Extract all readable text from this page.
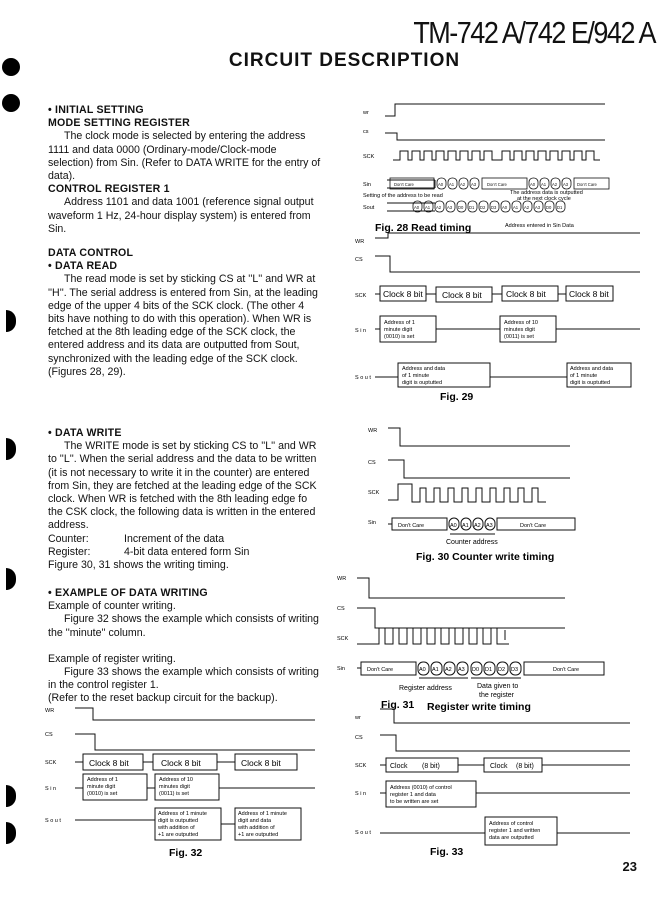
TM-742 A/742 E/942 A
CIRCUIT DESCRIPTION

• INITIAL SETTING

MODE SETTING REGISTER

The clock mode is selected by entering the address 1111 and data 0000 (Ordinary-mode/Clock-mode selection) from Sin. (Refer to DATA WRITE for the entry of data).

CONTROL REGISTER 1

Address 1101 and data 1001 (reference signal output waveform 1 Hz, 24-hour display system) is entered from Sin.

DATA CONTROL

• DATA READ

The read mode is set by sticking CS at ''L'' and WR at ''H''. The serial address is entered from Sin, at the leading edge of the upper 4 bits of the SCK clock. (The other 4 bits have nothing to do with this operation). When WR is fetched at the 8th leading edge of the SCK clock, the entered address and its data are outputted from Sout, synchronized with the leading edge of the SCK clock. (Figures 28, 29).

• DATA WRITE

The WRITE mode is set by sticking CS to ''L'' and WR to ''L''. When the serial address and the data to be written (it is not necessary to write it in the counter) are entered from Sin, they are fetched at the leading edge of the SCK clock. When WR is fetched with the 8th leading edge fo the CSK clock, the following data is written in the entered address.

Counter:	Increment of the data
Register:	4-bit data entered form Sin

Figure 30, 31 shows the writing timing.

• EXAMPLE OF DATA WRITING

Example of counter writing.

Figure 32 shows the example which consists of writing the ''minute'' column.

Example of register writing.

Figure 33 shows the example which consists of writing in the control register 1.

(Refer to the reset backup circuit for the backup).

wr
cs
SCK
Sin
Sout
Don't Care	A0 A1 A2 A3	Don't Care	A0 A1 A2 A3 Don't Care
A0 A1 A2 A3 D0 D1 D2 D3 A0 A1 A2 A3 D0 D1
Setting of the address to be read	The address data is outputted
at the next clock cycle
Address entered in Sin Data
Fig. 28 Read timing
WR
CS
SCK
S i n
S o u t
Clock 8 bit Clock 8 bit	Clock 8 bit	Clock 8 bit
Address of 1
minute digit
(0010) is set
Address of 10
minutes digit
(0011) is set
Address and data
of 1 minute
digit is ouptutted
Address and data
of 1 minute
digit is ouptutted
Fig. 29
WR
CS
SCK
Sin	Don't Care	A0 A1 A2 A3	Don't Care
Counter address
Fig. 30 Counter write timing
WR
CS
SCK
Sin	Don't Care	A0 A1 A2 A3 D0 D1 D2 D3	Don't Care
Register address	Data given to
the register
Fig. 31 Register write timing
WR
CS
SCK
S i n
S o u t
Clock 8 bit	Clock 8 bit	Clock 8 bit
Address of 1
minute digit
(0010) is set
Address of 10
minutes digit
(0011) is set
Address of 1 minute
digit is outputted
with addition of
+1 are outputted
Address of 1 minute
digit and data
with addition of
+1 are outputted
Fig. 32
wr
CS
SCK
S i n
S o u t
Clock (8 bit)	Clock (8 bit)
Address (0010) of control
register 1 and data
to be written are set
Address of control
register 1 and written
data are outputted
Fig. 33
23
